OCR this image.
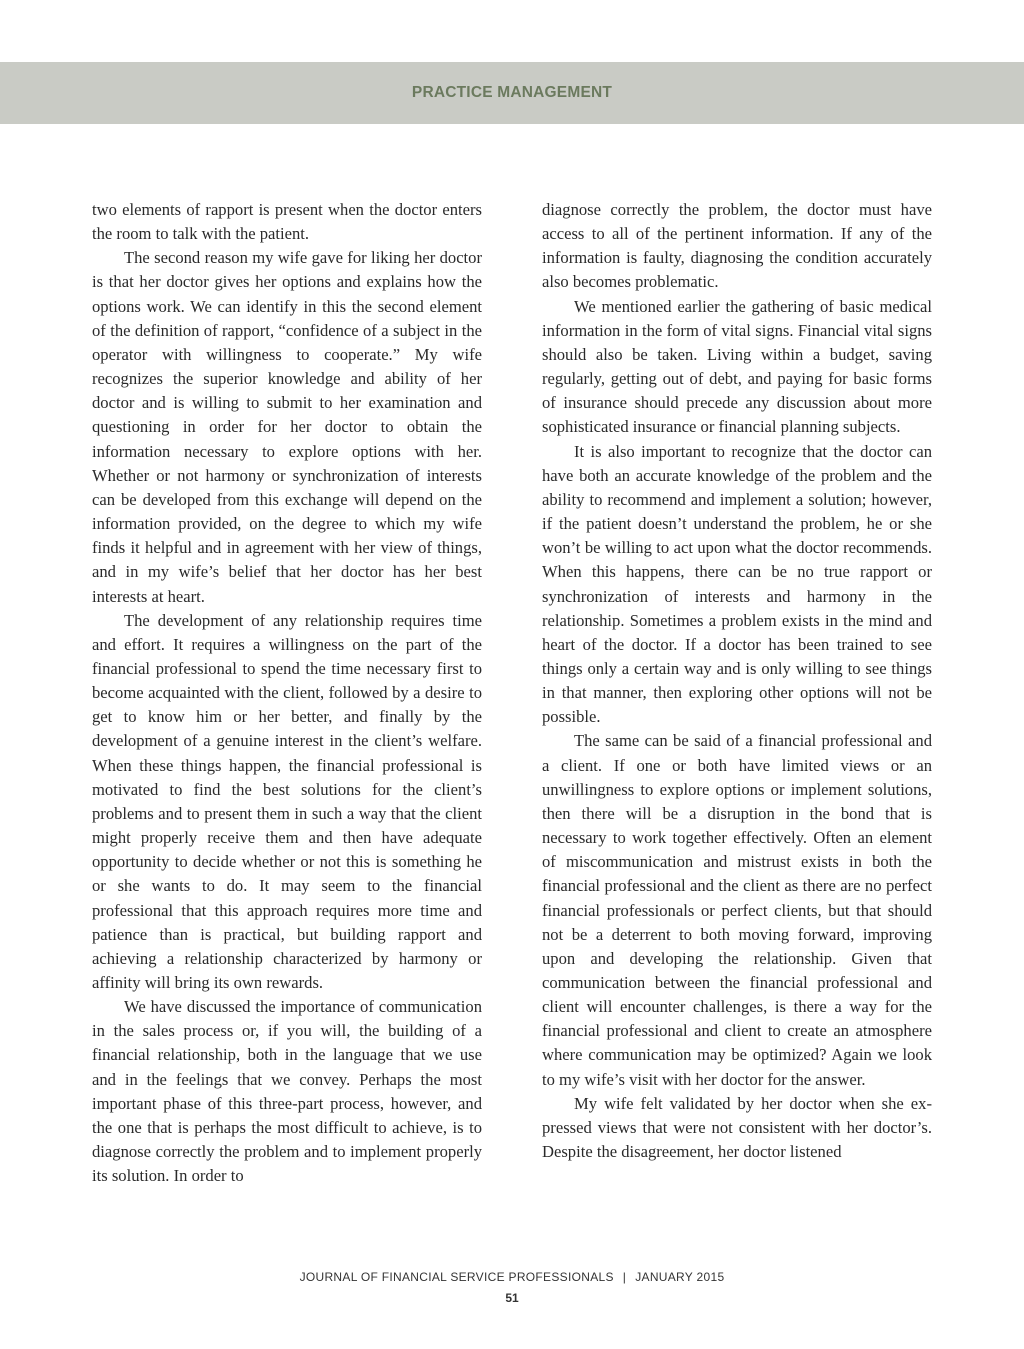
PRACTICE MANAGEMENT

two elements of rapport is present when the doctor enters the room to talk with the patient.

The second reason my wife gave for liking her doctor is that her doctor gives her options and explains how the options work. We can identify in this the second element of the definition of rapport, “confidence of a subject in the operator with willingness to cooperate.” My wife recognizes the superior knowledge and ability of her doctor and is willing to submit to her examination and questioning in order for her doctor to obtain the information necessary to explore options with her. Whether or not harmony or synchronization of interests can be developed from this exchange will depend on the information provided, on the degree to which my wife finds it helpful and in agreement with her view of things, and in my wife’s belief that her doctor has her best interests at heart.

The development of any relationship requires time and effort. It requires a willingness on the part of the financial professional to spend the time necessary first to become acquainted with the client, followed by a desire to get to know him or her better, and finally by the development of a genuine interest in the client’s welfare. When these things happen, the financial professional is motivated to find the best solutions for the client’s problems and to present them in such a way that the client might properly receive them and then have adequate opportunity to decide whether or not this is something he or she wants to do. It may seem to the financial professional that this approach requires more time and patience than is practical, but building rapport and achieving a relationship characterized by harmony or affinity will bring its own rewards.

We have discussed the importance of communication in the sales process or, if you will, the building of a financial relationship, both in the language that we use and in the feelings that we convey. Perhaps the most important phase of this three-part process, however, and the one that is perhaps the most difficult to achieve, is to diagnose correctly the problem and to implement properly its solution. In order to

diagnose correctly the problem, the doctor must have access to all of the pertinent information. If any of the information is faulty, diagnosing the condition accurately also becomes problematic.

We mentioned earlier the gathering of basic medical information in the form of vital signs. Financial vital signs should also be taken. Living within a budget, saving regularly, getting out of debt, and paying for basic forms of insurance should precede any discussion about more sophisticated insurance or financial planning subjects.

It is also important to recognize that the doctor can have both an accurate knowledge of the problem and the ability to recommend and implement a solution; however, if the patient doesn’t understand the problem, he or she won’t be willing to act upon what the doctor recommends. When this happens, there can be no true rapport or synchronization of interests and harmony in the relationship. Sometimes a problem exists in the mind and heart of the doctor. If a doctor has been trained to see things only a certain way and is only willing to see things in that manner, then exploring other options will not be possible.

The same can be said of a financial professional and a client. If one or both have limited views or an unwillingness to explore options or implement solutions, then there will be a disruption in the bond that is necessary to work together effectively. Often an element of miscommunication and mistrust exists in both the financial professional and the client as there are no perfect financial professionals or perfect clients, but that should not be a deterrent to both moving forward, improving upon and developing the relationship. Given that communication between the financial professional and client will encounter challenges, is there a way for the financial professional and client to create an atmosphere where communication may be optimized? Again we look to my wife’s visit with her doctor for the answer.

My wife felt validated by her doctor when she expressed views that were not consistent with her doctor’s. Despite the disagreement, her doctor listened

JOURNAL OF FINANCIAL SERVICE PROFESSIONALS | JANUARY 2015
51
